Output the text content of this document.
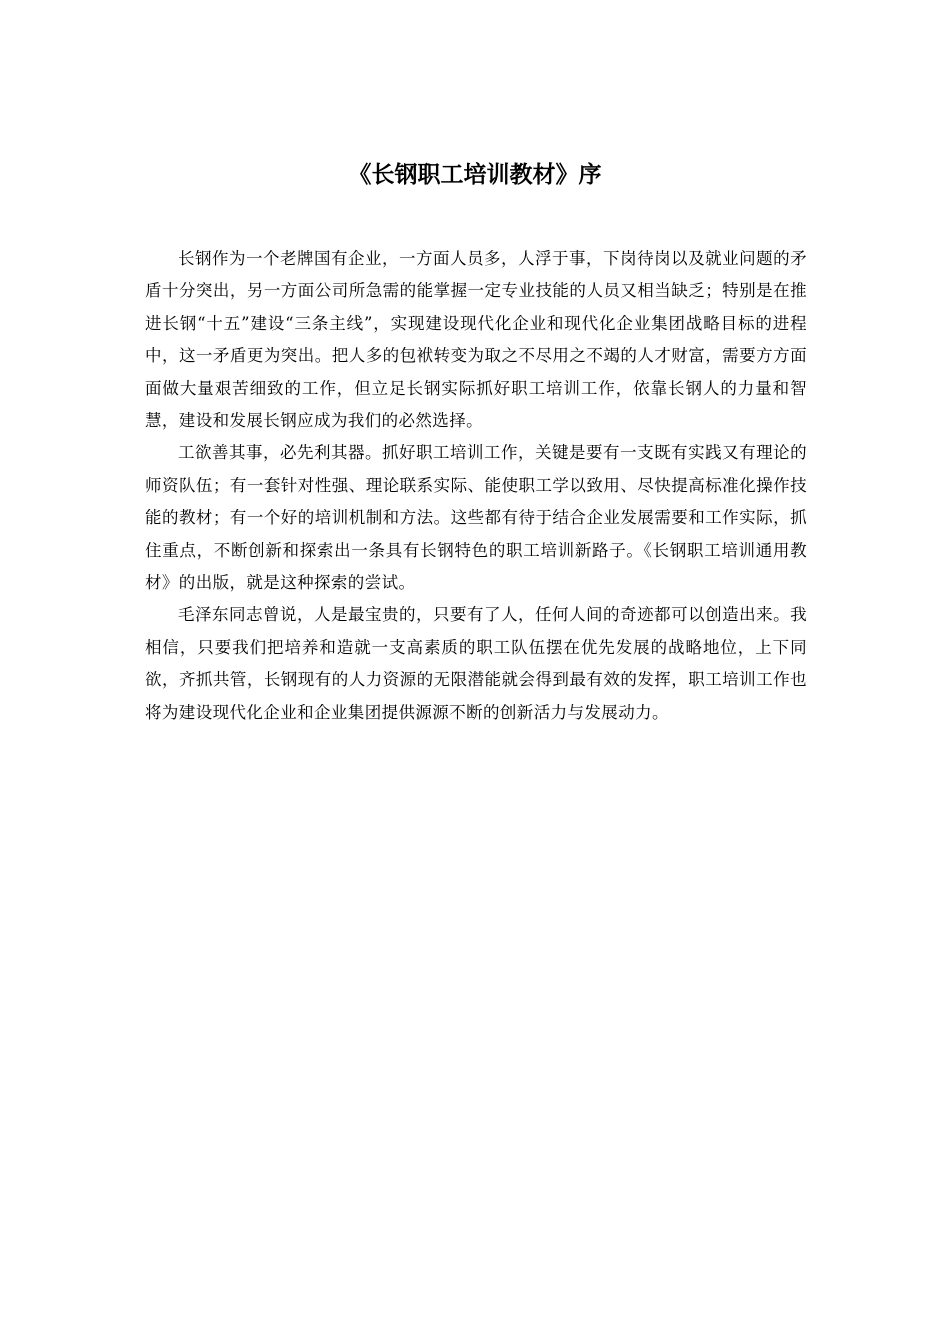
《长钢职工培训教材》序

长钢作为一个老牌国有企业，一方面人员多，人浮于事，下岗待岗以及就业问题的矛盾十分突出，另一方面公司所急需的能掌握一定专业技能的人员又相当缺乏；特别是在推进长钢“十五”建设“三条主线”，实现建设现代化企业和现代化企业集团战略目标的进程中，这一矛盾更为突出。把人多的包袱转变为取之不尽用之不竭的人才财富，需要方方面面做大量艰苦细致的工作，但立足长钢实际抓好职工培训工作，依靠长钢人的力量和智慧，建设和发展长钢应成为我们的必然选择。

工欲善其事，必先利其器。抓好职工培训工作，关键是要有一支既有实践又有理论的师资队伍；有一套针对性强、理论联系实际、能使职工学以致用、尽快提高标准化操作技能的教材；有一个好的培训机制和方法。这些都有待于结合企业发展需要和工作实际，抓住重点，不断创新和探索出一条具有长钢特色的职工培训新路子。《长钢职工培训通用教材》的出版，就是这种探索的尝试。

毛泽东同志曾说，人是最宝贵的，只要有了人，任何人间的奇迹都可以创造出来。我相信，只要我们把培养和造就一支高素质的职工队伍摆在优先发展的战略地位，上下同欲，齐抓共管，长钢现有的人力资源的无限潜能就会得到最有效的发挥，职工培训工作也将为建设现代化企业和企业集团提供源源不断的创新活力与发展动力。
